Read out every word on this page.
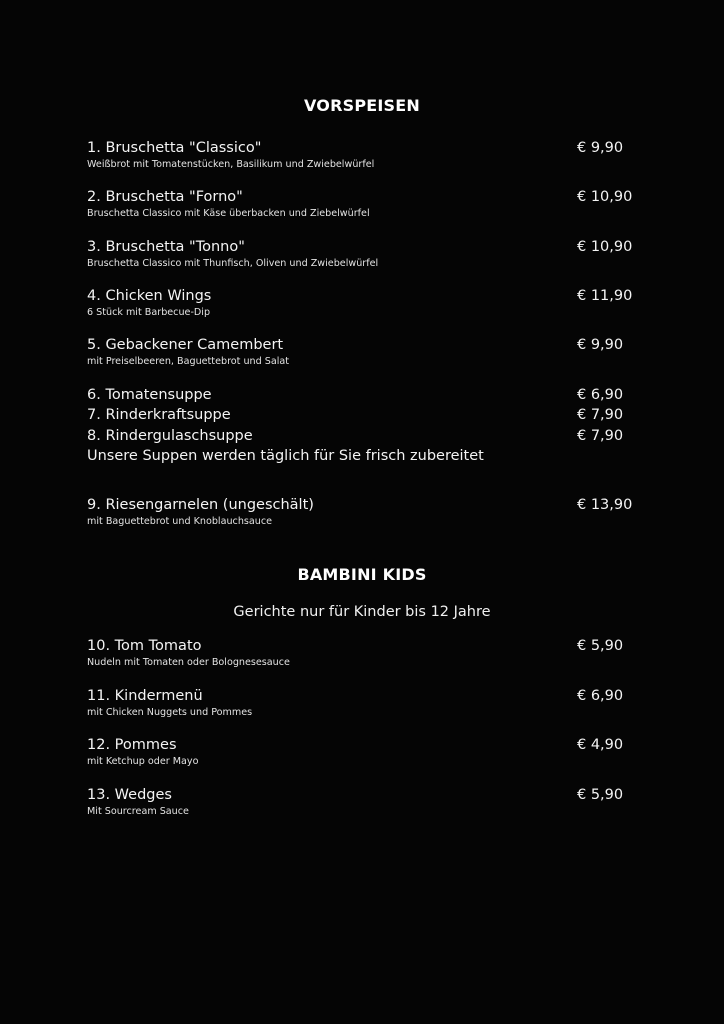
VORSPEISEN
1. Bruschetta "Classico"
Weißbrot mit Tomatenstücken, Basilikum und Zwiebelwürfel
€ 9,90
2. Bruschetta "Forno"
Bruschetta Classico mit Käse überbacken und Ziebelwürfel
€ 10,90
3. Bruschetta "Tonno"
Bruschetta Classico mit Thunfisch, Oliven und Zwiebelwürfel
€ 10,90
4. Chicken Wings
6 Stück mit Barbecue-Dip
€ 11,90
5. Gebackener Camembert
mit Preiselbeeren, Baguettebrot und Salat
€ 9,90
6. Tomatensuppe	€ 6,90
7. Rinderkraftsuppe	€ 7,90
8. Rindergulaschsuppe	€ 7,90
Unsere Suppen werden täglich für Sie frisch zubereitet
9. Riesengarnelen (ungeschält)
mit Baguettebrot und Knoblauchsauce
€ 13,90
BAMBINI KIDS
Gerichte nur für Kinder bis 12 Jahre
10. Tom Tomato
Nudeln mit Tomaten oder Bolognesesauce
€ 5,90
11. Kindermenü
mit Chicken Nuggets und Pommes
€ 6,90
12. Pommes
mit Ketchup oder Mayo
€ 4,90
13. Wedges
Mit Sourcream Sauce
€ 5,90
